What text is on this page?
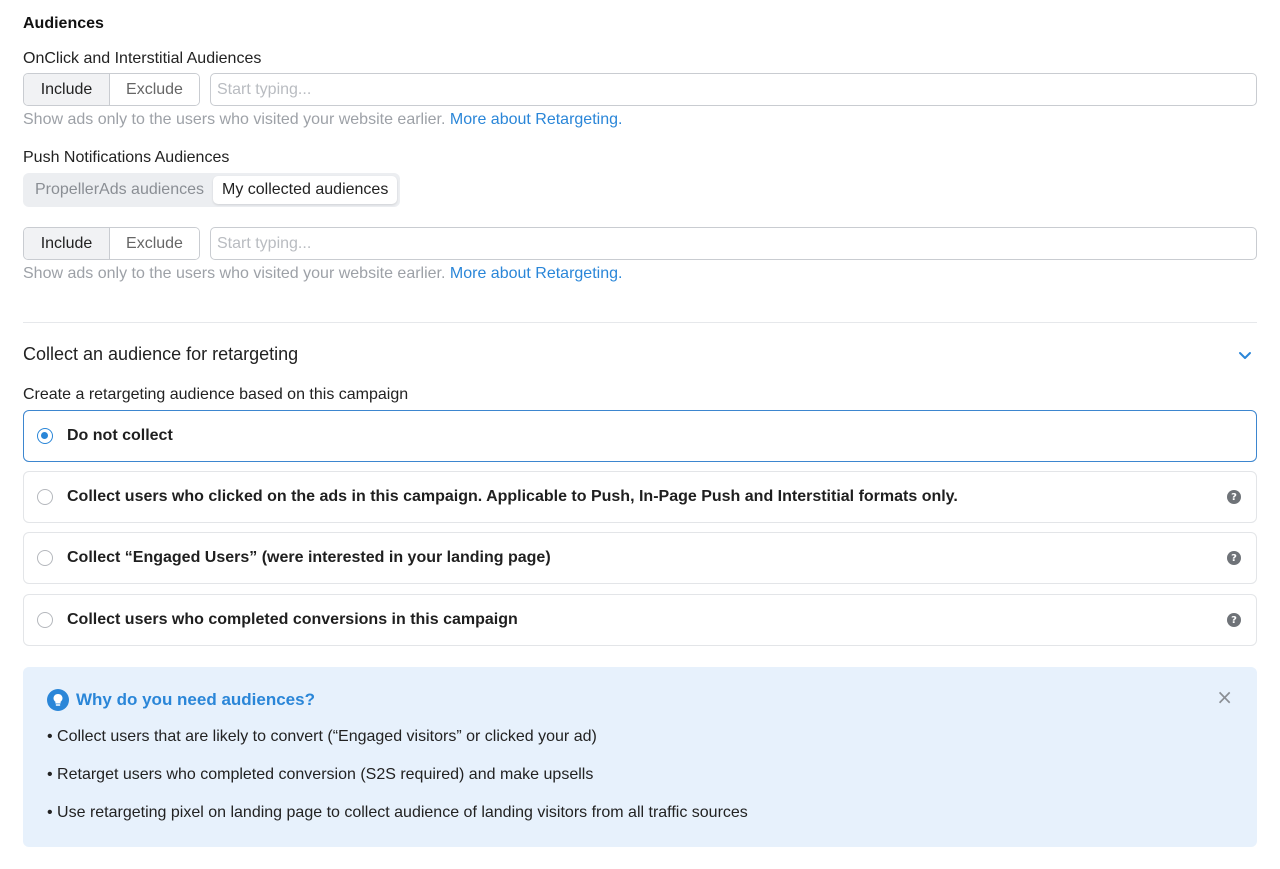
Audiences
OnClick and Interstitial Audiences
Include	Exclude
Start typing...
Show ads only to the users who visited your website earlier. More about Retargeting.
Push Notifications Audiences
PropellerAds audiences	My collected audiences
Include	Exclude
Start typing...
Show ads only to the users who visited your website earlier. More about Retargeting.
Collect an audience for retargeting
Create a retargeting audience based on this campaign
Do not collect
Collect users who clicked on the ads in this campaign. Applicable to Push, In-Page Push and Interstitial formats only.	?
Collect “Engaged Users” (were interested in your landing page)	?
Collect users who completed conversions in this campaign	?
Why do you need audiences?	×
• Collect users that are likely to convert (“Engaged visitors” or clicked your ad)
• Retarget users who completed conversion (S2S required) and make upsells
• Use retargeting pixel on landing page to collect audience of landing visitors from all traffic sources
